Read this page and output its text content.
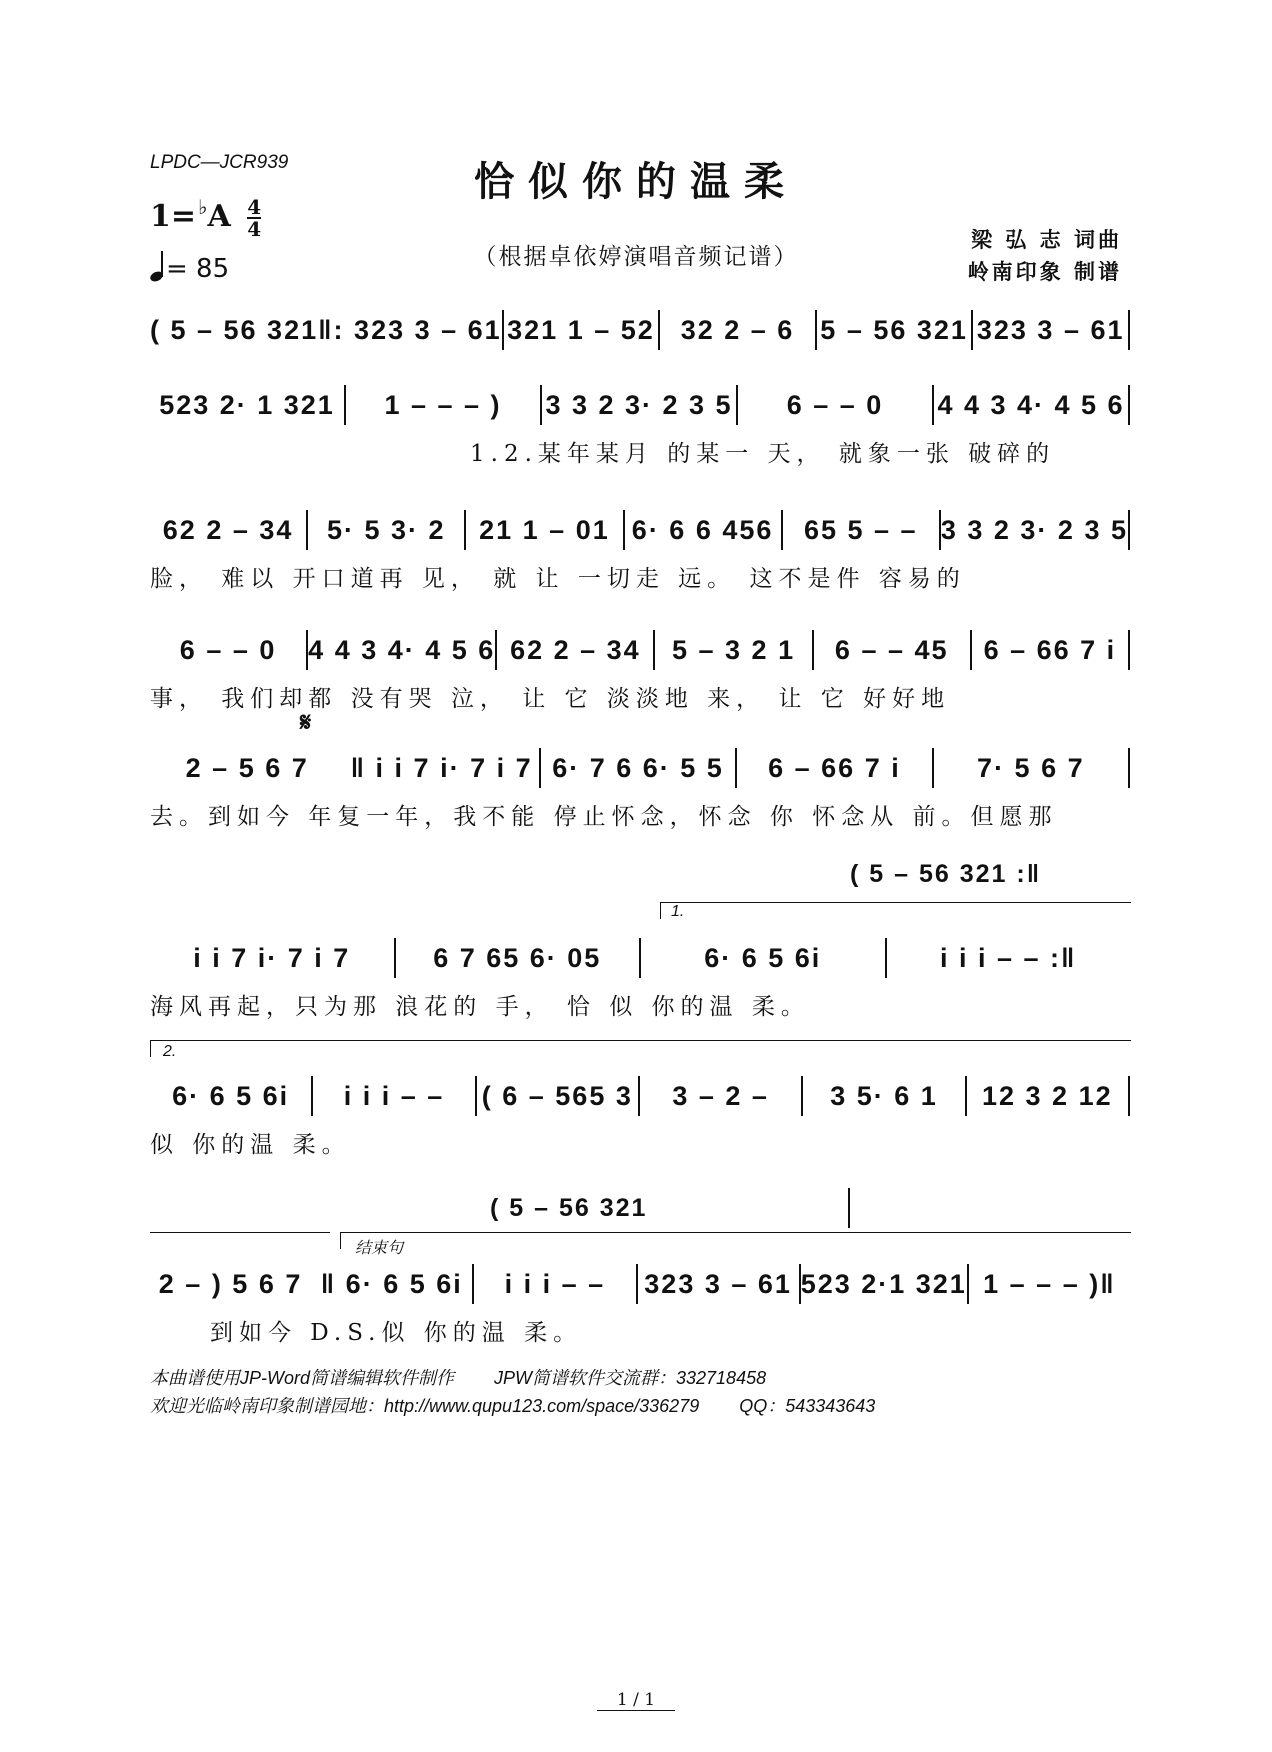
LPDC—JCR939	恰似你的温柔
（根据卓依婷演唱音频记谱）
$1= ^♭A \frac{4}{4}$
= 85
梁 弘 志 词曲
岭南印象 制谱
( 5 – 56 321 ‖: 323 3 – 61 321 1 – 52 32 2 – 6 5 – 56 321 323 3 – 61
523 2· 1 321	1 – – – )	3 3 2 3· 2 3 5	6 – – 0	4 4 3 4· 4 5 6
1.2.某年某月 的某一 天， 就象一张 破碎的
62 2 – 34	5· 5 3· 2	21 1 – 01 6· 6 6 456	65 5 – – 3 3 2 3· 2 3 5
脸， 难以 开口道再 见， 就 让 一切走 远。 这不是件 容易的
6 – – 0	4 4 3 4· 4 5 6 62 2 – 34	5 – 3 2 1	6 – – 45	6 – 66 7 i
事， 我们却都 没有哭 泣， 让 它 淡淡地 来， 让 它 好好地
𝄋
2 – 5 6 7	‖ i i 7 i· 7 i 7 6· 7 6 6· 5 5	6 – 66 7 i	7· 5 6 7
去。到如今 年复一年，我不能 停止怀念，怀念 你 怀念从 前。但愿那
( 5 – 56 321 :‖
1.
i i 7 i· 7 i 7	6 7 65 6· 05	6· 6 5 6i	i i i – – :‖
海风再起，只为那 浪花的 手， 恰 似 你的温 柔。
2.
6· 6 5 6i	i i i – –	( 6 – 565 3	3 – 2 –	3 5· 6 1	12 3 2 12
似 你的温 柔。
( 5 – 56 321
结束句
2 – ) 5 6 7 ‖ 6· 6 5 6i	i i i – –	323 3 – 61 523 2·1 321 1 – – – )‖
到如今 D.S.似 你的温 柔。
本曲谱使用JP-Word简谱编辑软件制作        JPW简谱软件交流群：332718458
欢迎光临岭南印象制谱园地：http://www.qupu123.com/space/336279        QQ：543343643
1 / 1
